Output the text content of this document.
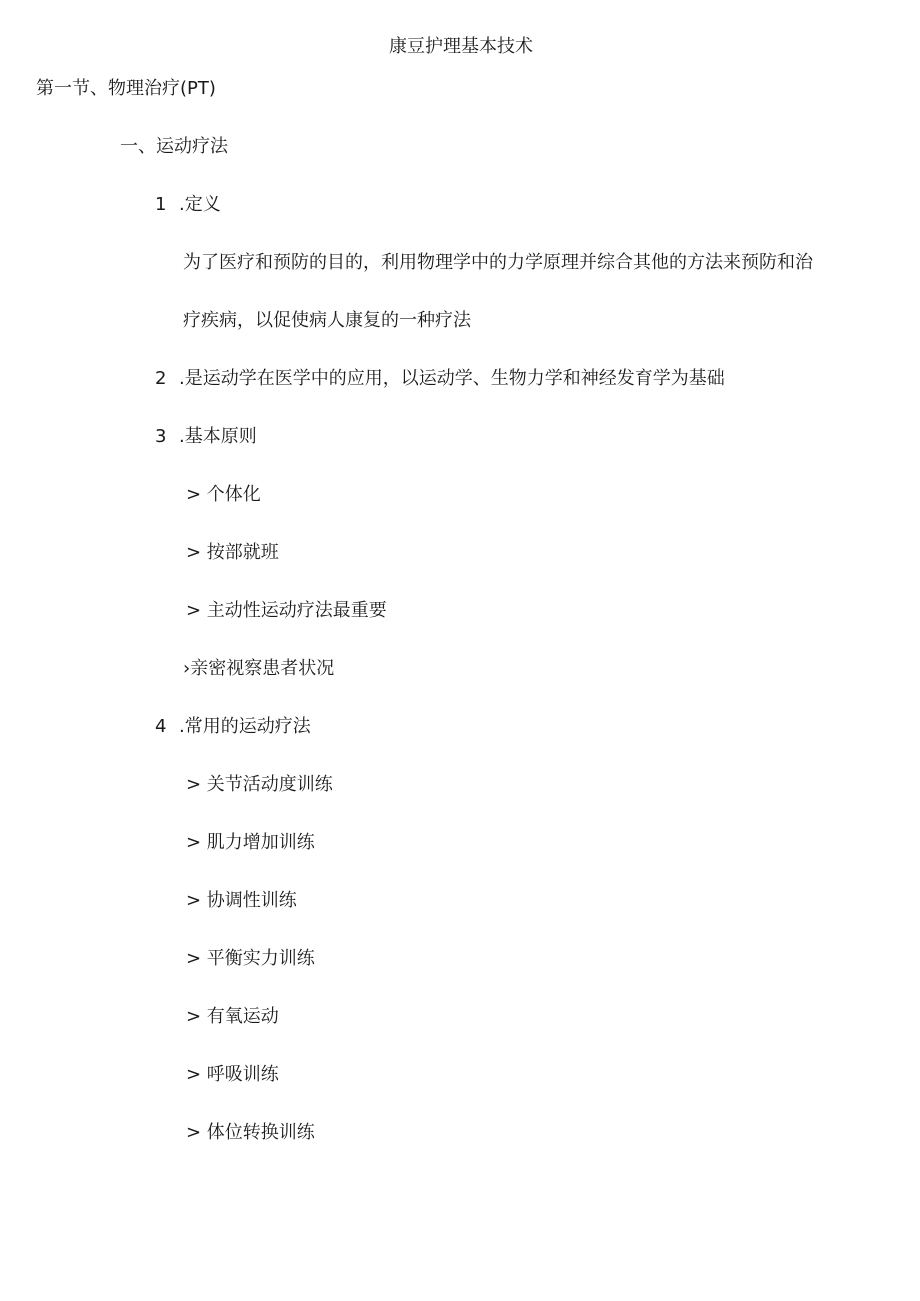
康豆护理基本技术
第一节、物理治疗(PT)
一、运动疗法
1 .定义
为了医疗和预防的目的，利用物理学中的力学原理并综合其他的方法来预防和治
疗疾病，以促使病人康复的一种疗法
2 .是运动学在医学中的应用，以运动学、生物力学和神经发育学为基础
3 .基本原则
> 个体化
> 按部就班
> 主动性运动疗法最重要
›亲密视察患者状况
4 .常用的运动疗法
> 关节活动度训练
> 肌力增加训练
> 协调性训练
> 平衡实力训练
> 有氧运动
> 呼吸训练
> 体位转换训练
